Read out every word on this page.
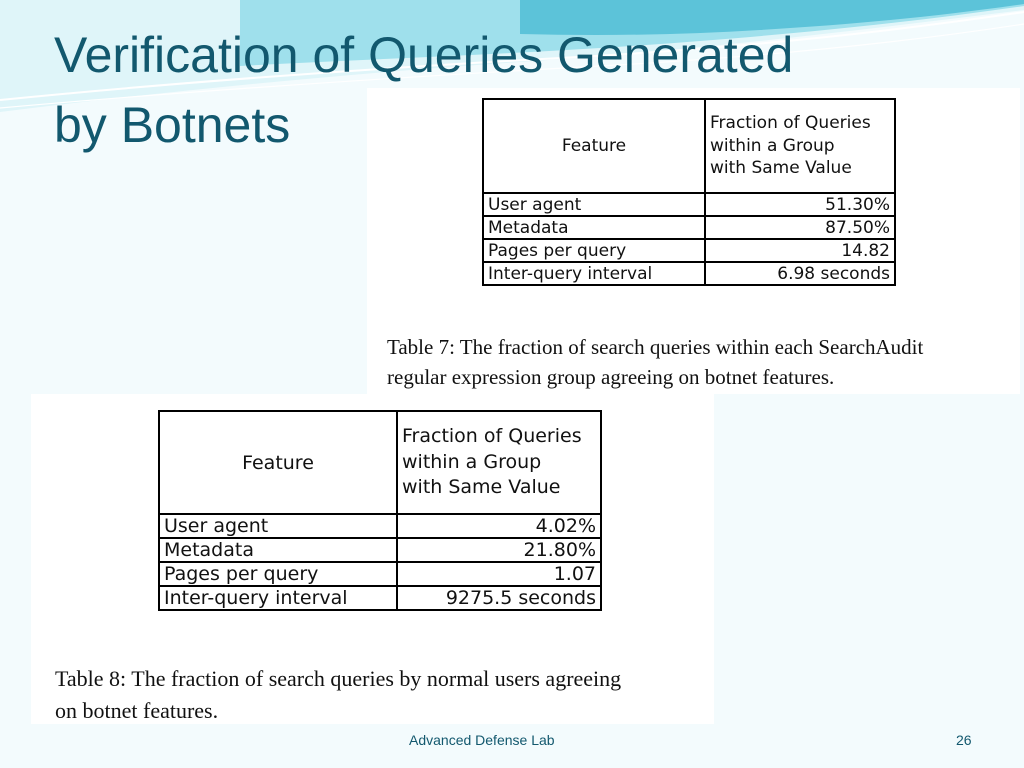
Verification of Queries Generated
by Botnets	Feature	Fraction of Queries
within a Group
with Same Value
User agent	51.30%
Metadata	87.50%
Pages per query	14.82
Inter-query interval	6.98 seconds

Table 7: The fraction of search queries within each SearchAudit
regular expression group agreeing on botnet features.

Feature	Fraction of Queries
within a Group
with Same Value
User agent	4.02%
Metadata	21.80%
Pages per query	1.07
Inter-query interval	9275.5 seconds

Table 8: The fraction of search queries by normal users agreeing
on botnet features.

Advanced Defense Lab	26
